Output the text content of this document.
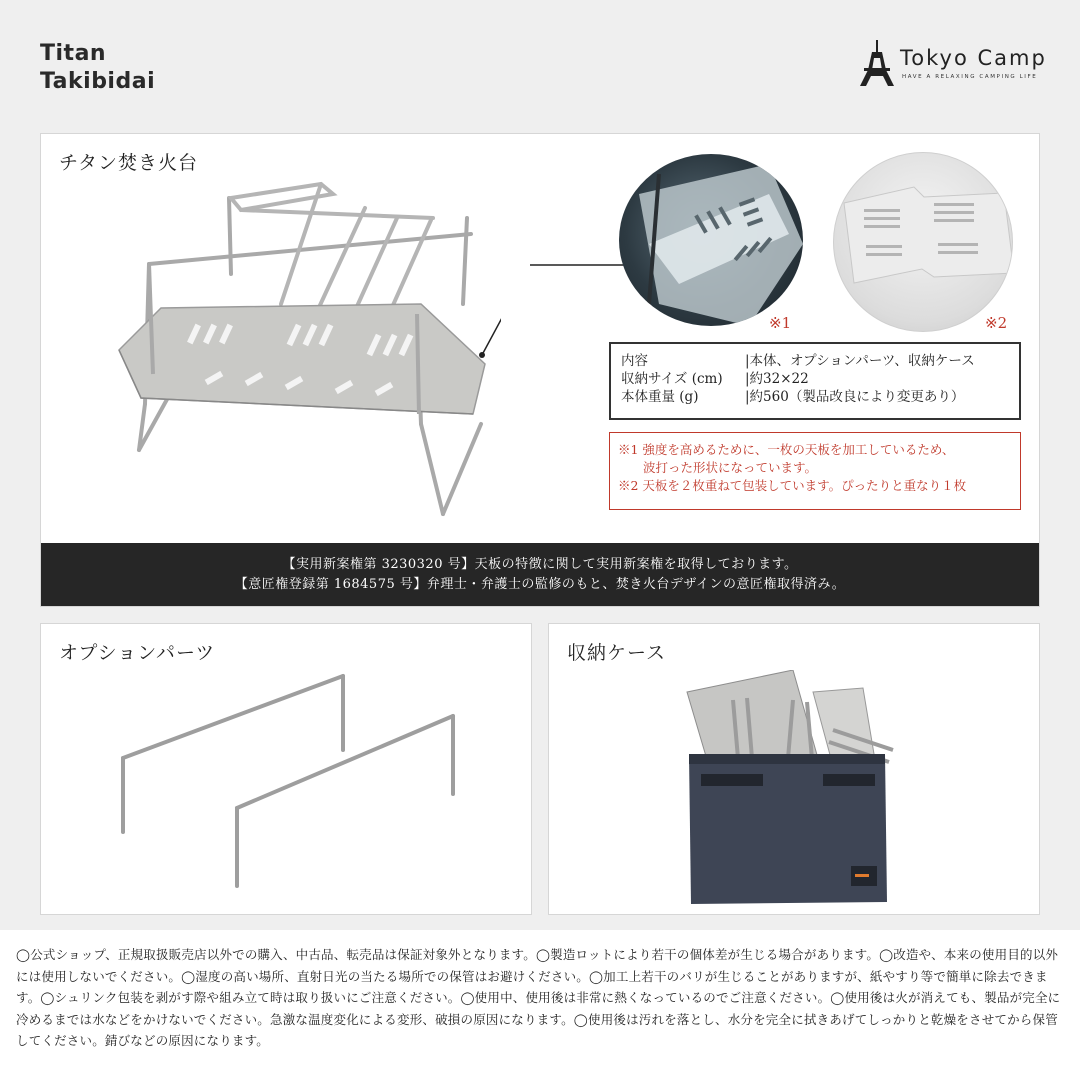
Titan
Takibidai
Tokyo Camp
HAVE A RELAXING CAMPING LIFE
チタン焚き火台
※1	※2
内容	|本体、オプションパーツ、収納ケース
収納サイズ (cm)	|約32×22
本体重量 (g)	|約560（製品改良により変更あり）
※1 強度を高めるために、一枚の天板を加工しているため、
　　波打った形状になっています。
※2 天板を２枚重ねて包装しています。ぴったりと重なり１枚
【実用新案権第 3230320 号】天板の特徴に関して実用新案権を取得しております。
【意匠権登録第 1684575 号】弁理士・弁護士の監修のもと、焚き火台デザインの意匠権取得済み。
オプションパーツ	収納ケース
◯公式ショップ、正規取扱販売店以外での購入、中古品、転売品は保証対象外となります。◯製造ロットにより若干の個体差が生じる場合があります。◯改造や、本来の使用目的以外には使用しないでください。◯湿度の高い場所、直射日光の当たる場所での保管はお避けください。◯加工上若干のバリが生じることがありますが、紙やすり等で簡単に除去できます。◯シュリンク包装を剥がす際や組み立て時は取り扱いにご注意ください。◯使用中、使用後は非常に熱くなっているのでご注意ください。◯使用後は火が消えても、製品が完全に冷めるまでは水などをかけないでください。急激な温度変化による変形、破損の原因になります。◯使用後は汚れを落とし、水分を完全に拭きあげてしっかりと乾燥をさせてから保管してください。錆びなどの原因になります。
